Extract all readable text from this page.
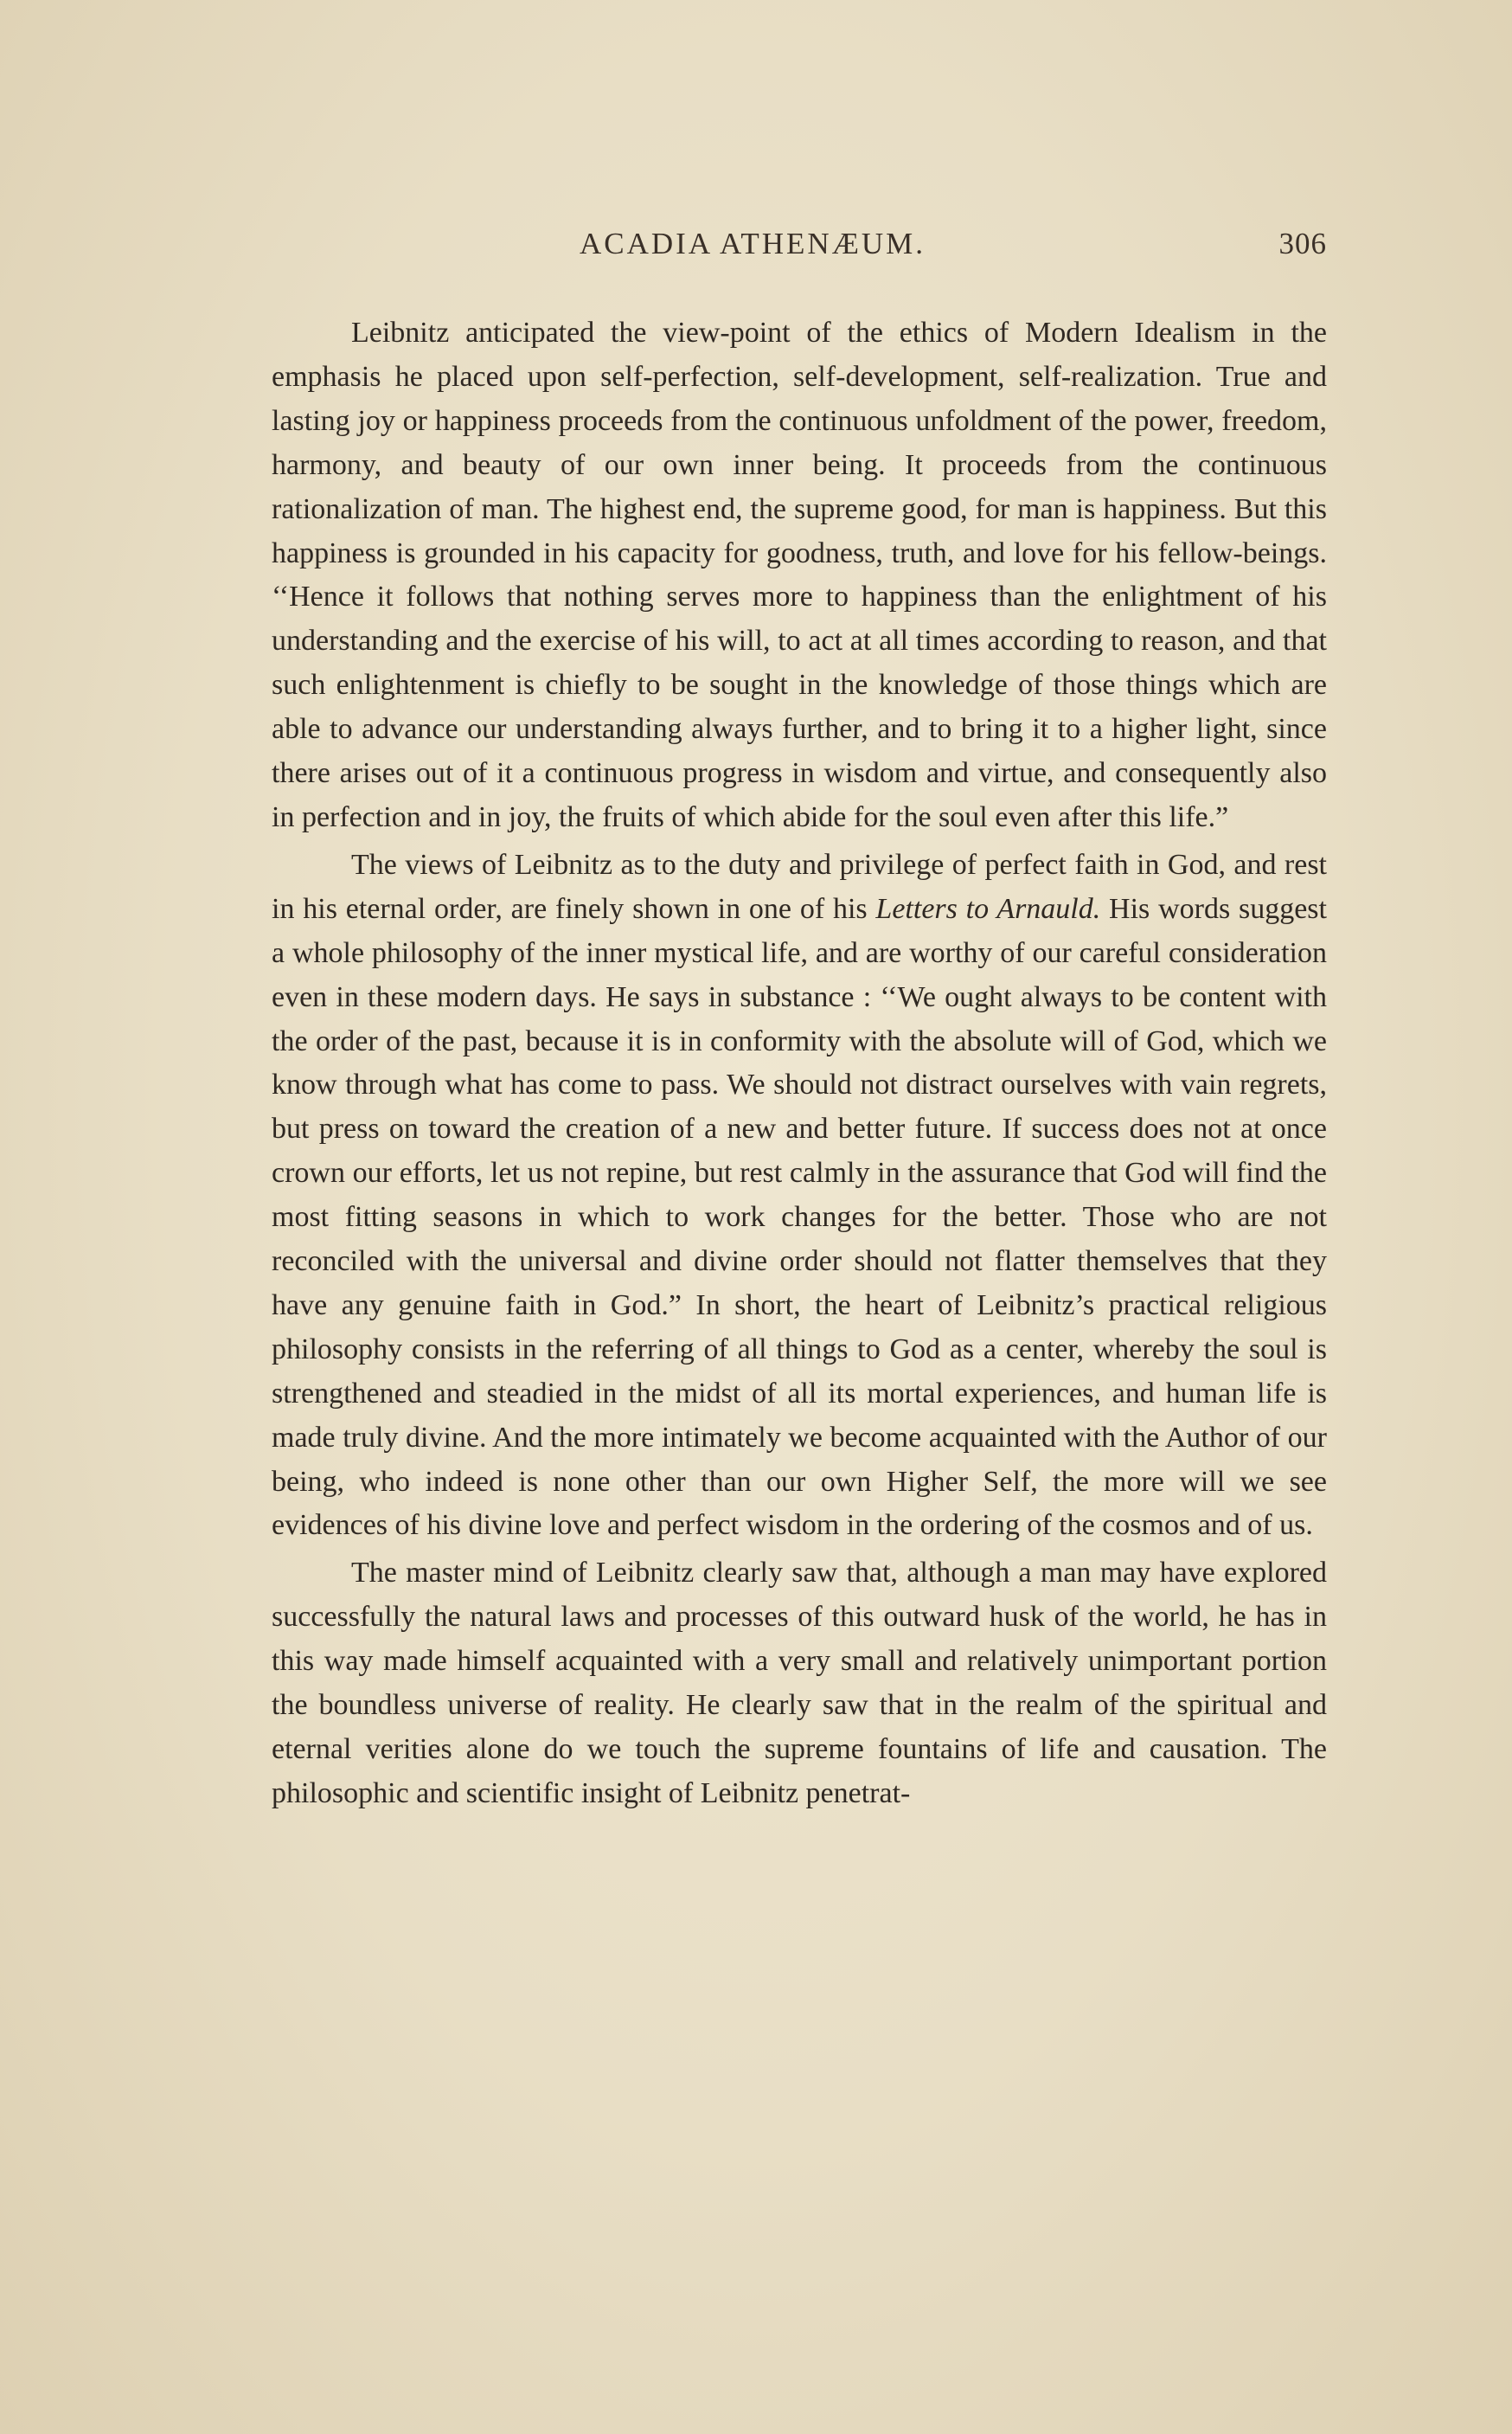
ACADIA ATHENÆUM.	306

Leibnitz anticipated the view-point of the ethics of Modern Idealism in the emphasis he placed upon self-perfection, self-development, self-realization. True and lasting joy or happiness proceeds from the continuous unfoldment of the power, freedom, harmony, and beauty of our own inner being. It proceeds from the continuous rationalization of man. The highest end, the supreme good, for man is happiness. But this happiness is grounded in his capacity for goodness, truth, and love for his fellow-beings. ‘‘Hence it follows that nothing serves more to happiness than the enlightment of his understanding and the exercise of his will, to act at all times according to reason, and that such enlightenment is chiefly to be sought in the knowledge of those things which are able to advance our understanding always further, and to bring it to a higher light, since there arises out of it a continuous progress in wisdom and virtue, and consequently also in perfection and in joy, the fruits of which abide for the soul even after this life.”

The views of Leibnitz as to the duty and privilege of perfect faith in God, and rest in his eternal order, are finely shown in one of his Letters to Arnauld. His words suggest a whole philosophy of the inner mystical life, and are worthy of our careful consideration even in these modern days. He says in substance : ‘‘We ought always to be content with the order of the past, because it is in conformity with the absolute will of God, which we know through what has come to pass. We should not distract ourselves with vain regrets, but press on toward the creation of a new and better future. If success does not at once crown our efforts, let us not repine, but rest calmly in the assurance that God will find the most fitting seasons in which to work changes for the better. Those who are not reconciled with the universal and divine order should not flatter themselves that they have any genuine faith in God.” In short, the heart of Leibnitz’s practical religious philosophy consists in the referring of all things to God as a center, whereby the soul is strengthened and steadied in the midst of all its mortal experiences, and human life is made truly divine. And the more intimately we become acquainted with the Author of our being, who indeed is none other than our own Higher Self, the more will we see evidences of his divine love and perfect wisdom in the ordering of the cosmos and of us.

The master mind of Leibnitz clearly saw that, although a man may have explored successfully the natural laws and processes of this outward husk of the world, he has in this way made himself acquainted with a very small and relatively unimportant portion the boundless universe of reality. He clearly saw that in the realm of the spiritual and eternal verities alone do we touch the supreme fountains of life and causation. The philosophic and scientific insight of Leibnitz penetrat-
